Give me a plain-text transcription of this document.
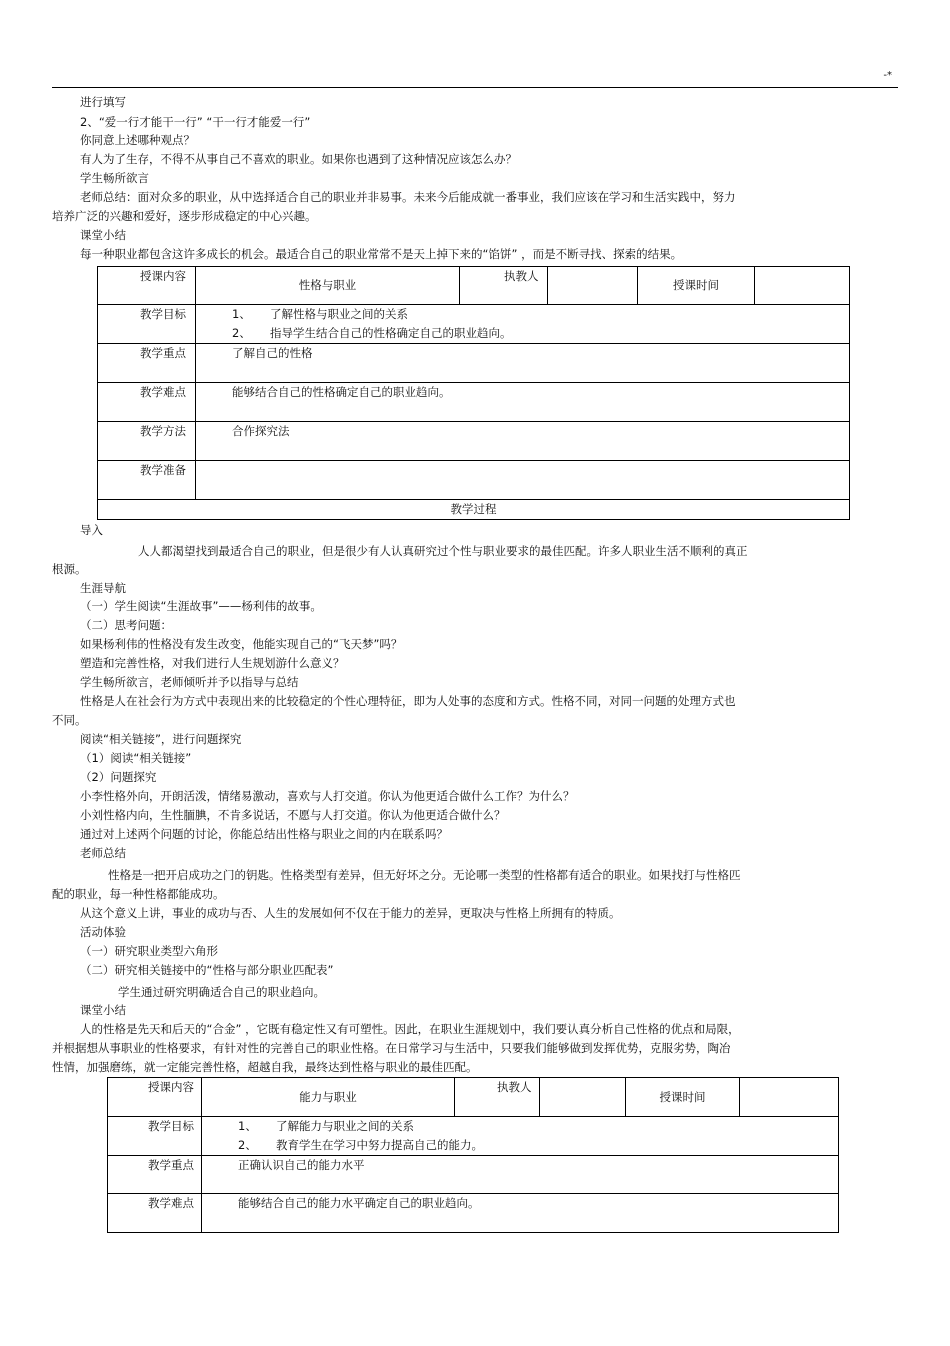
-*
进行填写
2、“爱一行才能干一行” “干一行才能爱一行”
你同意上述哪种观点？
有人为了生存，不得不从事自己不喜欢的职业。如果你也遇到了这种情况应该怎么办？
学生畅所欲言
老师总结：面对众多的职业，从中选择适合自己的职业并非易事。未来今后能成就一番事业，我们应该在学习和生活实践中，努力
培养广泛的兴趣和爱好，逐步形成稳定的中心兴趣。
课堂小结
每一种职业都包含这许多成长的机会。最适合自己的职业常常不是天上掉下来的“馅饼” ，而是不断寻找、探索的结果。
授课内容	性格与职业	执教人		授课时间	
教学目标	1、 了解性格与职业之间的关系
2、 指导学生结合自己的性格确定自己的职业趋向。				

教学重点	了解自己的性格				
教学难点	能够结合自己的性格确定自己的职业趋向。				
教学方法	合作探究法				
教学准备					
教学过程					
导入
人人都渴望找到最适合自己的职业，但是很少有人认真研究过个性与职业要求的最佳匹配。许多人职业生活不顺利的真正
根源。
生涯导航
（一）学生阅读“生涯故事”——杨利伟的故事。
（二）思考问题：
如果杨利伟的性格没有发生改变，他能实现自己的“飞天梦”吗？
塑造和完善性格，对我们进行人生规划游什么意义？
学生畅所欲言，老师倾听并予以指导与总结
性格是人在社会行为方式中表现出来的比较稳定的个性心理特征，即为人处事的态度和方式。性格不同，对同一问题的处理方式也
不同。
阅读“相关链接”，进行问题探究
（1）阅读“相关链接”
（2）问题探究
小李性格外向，开朗活泼，情绪易激动，喜欢与人打交道。你认为他更适合做什么工作？为什么？
小刘性格内向，生性腼腆，不肯多说话，不愿与人打交道。你认为他更适合做什么？
通过对上述两个问题的讨论，你能总结出性格与职业之间的内在联系吗？
老师总结
性格是一把开启成功之门的钥匙。性格类型有差异，但无好坏之分。无论哪一类型的性格都有适合的职业。如果找打与性格匹
配的职业，每一种性格都能成功。
从这个意义上讲，事业的成功与否、人生的发展如何不仅在于能力的差异，更取决与性格上所拥有的特质。
活动体验
（一）研究职业类型六角形
（二）研究相关链接中的“性格与部分职业匹配表”
学生通过研究明确适合自己的职业趋向。
课堂小结
人的性格是先天和后天的“合金” ，它既有稳定性又有可塑性。因此，在职业生涯规划中，我们要认真分析自己性格的优点和局限，
并根据想从事职业的性格要求，有针对性的完善自己的职业性格。在日常学习与生活中，只要我们能够做到发挥优势，克服劣势，陶冶
性情，加强磨练，就一定能完善性格，超越自我，最终达到性格与职业的最佳匹配。
授课内容	能力与职业	执教人		授课时间	
教学目标	1、 了解能力与职业之间的关系
2、 教育学生在学习中努力提高自己的能力。				

教学重点	正确认识自己的能力水平				
教学难点	能够结合自己的能力水平确定自己的职业趋向。				
